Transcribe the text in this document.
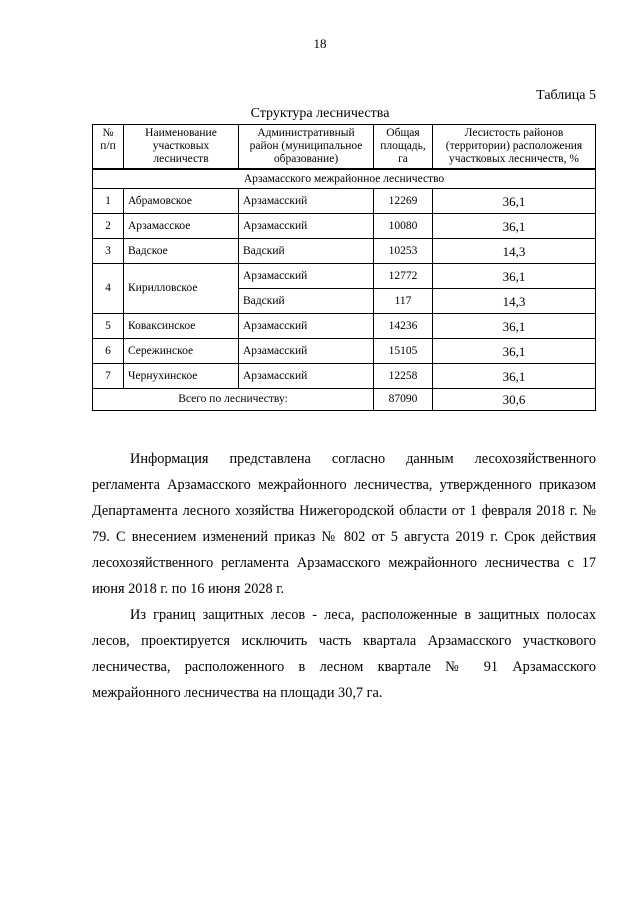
18
Таблица 5
Структура лесничества
№ п/п	Наименование участковых лесничеств	Административный район (муниципальное образование)	Общая площадь, га	Лесистость районов (территории) расположения участковых лесничеств, %
Арзамасского межрайонное лесничество				
1	Абрамовское	Арзамасский	12269	36,1
2	Арзамасское	Арзамасский	10080	36,1
3	Вадское	Вадский	10253	14,3
4	Кирилловское	Арзамасский	12772	36,1
		Вадский	117	14,3
5	Ковакcинское	Арзамасский	14236	36,1
6	Сережинское	Арзамасский	15105	36,1
7	Чернухинское	Арзамасский	12258	36,1
Всего по лесничеству:			87090	30,6

Информация представлена согласно данным лесохозяйственного регламента Арзамасского межрайонного лесничества, утвержденного приказом Департамента лесного хозяйства Нижегородской области от 1 февраля 2018 г. № 79. С внесением изменений приказ № 802 от 5 августа 2019 г. Срок действия лесохозяйственного регламента Арзамасского межрайонного лесничества с 17 июня 2018 г. по 16 июня 2028 г.

Из границ защитных лесов - леса, расположенные в защитных полосах лесов, проектируется исключить часть квартала Арзамасского участкового лесничества, расположенного в лесном квартале № 91 Арзамасского межрайонного лесничества на площади 30,7 га.
